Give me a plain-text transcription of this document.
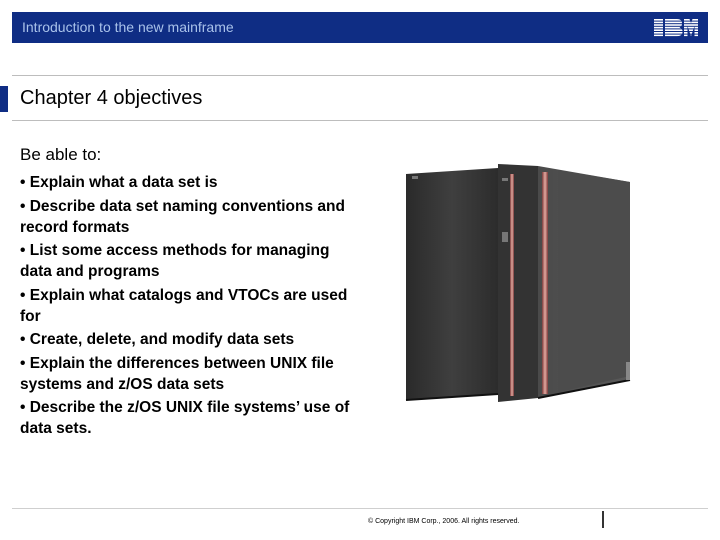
Introduction to the new mainframe
Chapter 4 objectives
Be able to:
• Explain what a data set is
• Describe data set naming conventions and record formats
• List some access methods for managing data and programs
• Explain what catalogs and VTOCs are used for
• Create, delete, and modify data sets
• Explain the differences between UNIX file systems and z/OS data sets
• Describe the z/OS UNIX file systems’ use of data sets.
© Copyright IBM Corp., 2006. All rights reserved.
